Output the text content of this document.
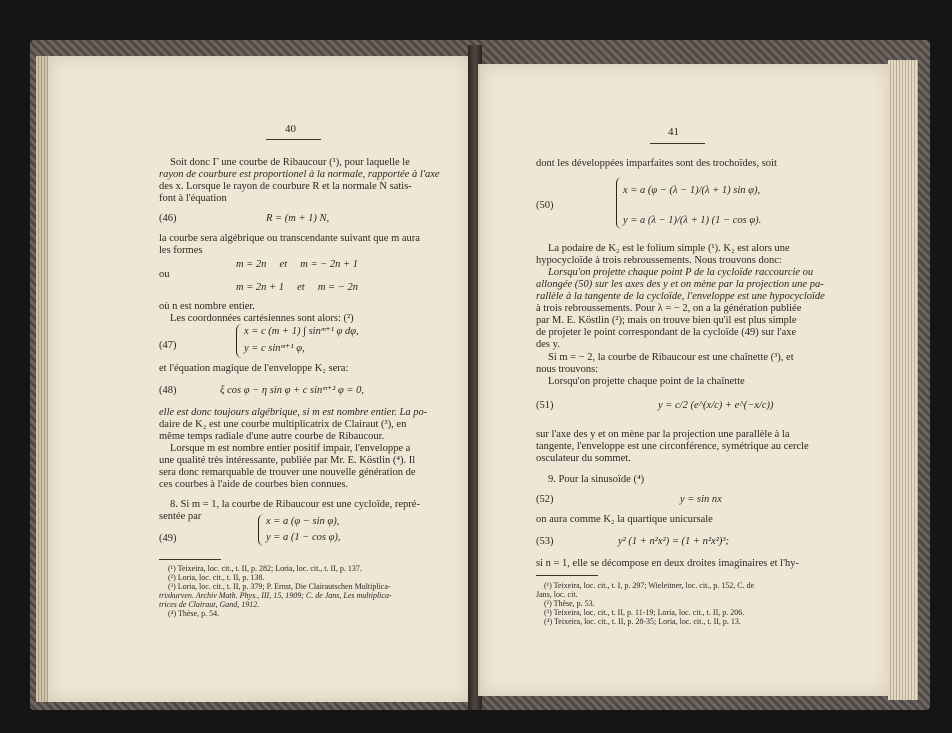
40
Soit donc Γ une courbe de Ribaucour (¹), pour laquelle le
rayon de courbure est proportionel à la normale, rapportée à l'axe
des x. Lorsque le rayon de courbure R et la normale N satis-
font à l'équation
(46)	R = (m + 1) N,
la courbe sera algébrique ou transcendante suivant que m aura
les formes
m = 2n     et     m = − 2n + 1
ou
m = 2n + 1     et     m = − 2n
où n est nombre entier.
Les coordonnées cartésiennes sont alors: (²)
(47)
x = c (m + 1) ∫ sinᵐ⁺¹ φ dφ,
y = c sinᵐ⁺¹ φ,
et l'équation magique de l'enveloppe K₂ sera:
(48)	ξ cos φ − η sin φ + c sinᵐ⁺² φ = 0,
elle est donc toujours algébrique, si m est nombre entier. La po-
daire de K₂ est une courbe multiplicatrix de Clairaut (³), en
même temps radiale d'une autre courbe de Ribaucour.
Lorsque m est nombre entier positif impair, l'enveloppe a
une qualité très intéressante, publiée par Mr. E. Köstlin (⁴). Il
sera donc remarquable de trouver une nouvelle génération de
ces courbes à l'aide de courbes bien connues.
8. Si m = 1, la courbe de Ribaucour est une cycloïde, repré-
sentée par
(49)
x = a (φ − sin φ),
y = a (1 − cos φ),
(¹) Teixeira, loc. cit., t. II, p. 282; Loria, loc. cit., t. II, p. 137.
(²) Loria, loc. cit., t. II, p. 138.
(³) Loria, loc. cit., t. II, p. 379; P. Ernst, Die Clairautschen Multiplica-
trixkurven. Archiv Math. Phys., III, 15, 1909; C. de Jans, Les multiplica-
trices de Clairaut, Gand, 1912.
(⁴) Thèse, p. 54.
41
dont les développées imparfaites sont des trochoïdes, soit
(50)
x = a (φ − (λ − 1)/(λ + 1) sin φ),
y = a (λ − 1)/(λ + 1) (1 − cos φ).
La podaire de K₂ est le folium simple (¹). K₂ est alors une
hypocycloïde à trois rebroussements. Nous trouvons donc:
Lorsqu'on projette chaque point P de la cycloïde raccourcie ou
allongée (50) sur les axes des y et on mène par la projection une pa-
rallèle à la tangente de la cycloïde, l'enveloppe est une hypocycloïde
à trois rebroussements. Pour λ = − 2, on a la génération publiée
par M. E. Köstlin (²); mais on trouve bien qu'il est plus simple
de projeter le point correspondant de la cycloïde (49) sur l'axe
des y.
Si m = − 2, la courbe de Ribaucour est une chaînette (³), et
nous trouvons:
Lorsqu'on projette chaque point de la chaînette
(51)	y = c/2 (e^(x/c) + e^(−x/c))
sur l'axe des y et on mène par la projection une parallèle à la
tangente, l'enveloppe est une circonférence, symétrique au cercle
osculateur du sommet.
9. Pour la sinusoïde (⁴)
(52)	y = sin nx
on aura comme K₂ la quartique unicursale
(53)	y² (1 + n²x²) = (1 + n²x²)³;
si n = 1, elle se décompose en deux droites imaginaires et l'hy-
(¹) Teixeira, loc. cit., t. I, p. 297; Wieleitner, loc. cit., p. 152, C. de
Jans, loc. cit.
(²) Thèse, p. 53.
(³) Teixeira, loc. cit., t. II, p. 11-19; Loria, loc. cit., t. II, p. 206.
(⁴) Teixeira, loc. cit., t. II, p. 28-35; Loria, loc. cit., t. II, p. 13.
